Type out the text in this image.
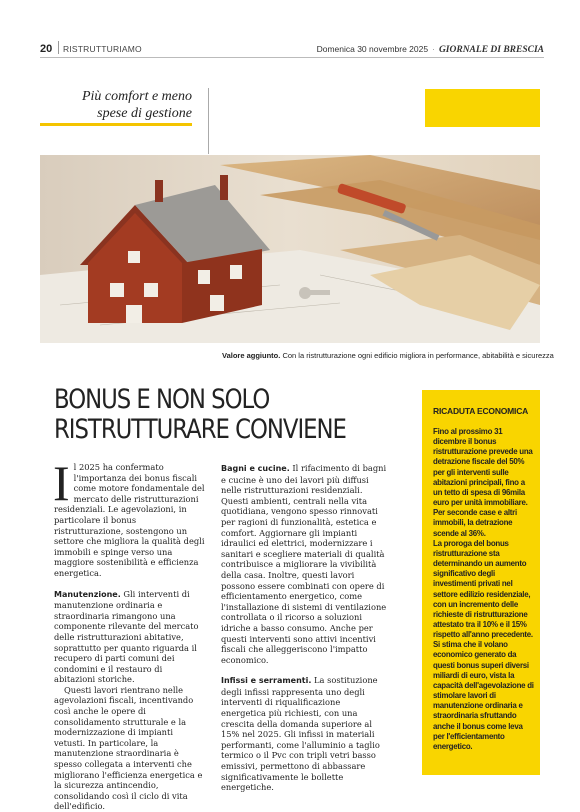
20 RISTRUTTURIAMO	Domenica 30 novembre 2025 · GIORNALE DI BRESCIA
Più comfort e meno
spese di gestione
Valore aggiunto. Con la ristrutturazione ogni edificio migliora in performance, abitabilità e sicurezza
BONUS E NON SOLO
RISTRUTTURARE CONVIENE

Il 2025 ha confermato l'importanza dei bonus fiscali come motore fondamentale del mercato delle ristrutturazioni residenziali. Le agevolazioni, in particolare il bonus ristrutturazione, sostengono un settore che migliora la qualità degli immobili e spinge verso una maggiore sostenibilità e efficienza energetica.

Manutenzione. Gli interventi di manutenzione ordinaria e straordinaria rimangono una componente rilevante del mercato delle ristrutturazioni abitative, soprattutto per quanto riguarda il recupero di parti comuni dei condomini e il restauro di abitazioni storiche.

Questi lavori rientrano nelle agevolazioni fiscali, incentivando così anche le opere di consolidamento strutturale e la modernizzazione di impianti vetusti. In particolare, la manutenzione straordinaria è spesso collegata a interventi che migliorano l'efficienza energetica e la sicurezza antincendio, consolidando così il ciclo di vita dell'edificio.

Bagni e cucine. Il rifacimento di bagni e cucine è uno dei lavori più diffusi nelle ristrutturazioni residenziali. Questi ambienti, centrali nella vita quotidiana, vengono spesso rinnovati per ragioni di funzionalità, estetica e comfort. Aggiornare gli impianti idraulici ed elettrici, modernizzare i sanitari e scegliere materiali di qualità contribuisce a migliorare la vivibilità della casa. Inoltre, questi lavori possono essere combinati con opere di efficientamento energetico, come l'installazione di sistemi di ventilazione controllata o il ricorso a soluzioni idriche a basso consumo. Anche per questi interventi sono attivi incentivi fiscali che alleggeriscono l'impatto economico.

Infissi e serramenti. La sostituzione degli infissi rappresenta uno degli interventi di riqualificazione energetica più richiesti, con una crescita della domanda superiore al 15% nel 2025. Gli infissi in materiali performanti, come l'alluminio a taglio termico o il Pvc con tripli vetri basso emissivi, permettono di abbassare significativamente le bollette energetiche.

RICADUTA ECONOMICA
Fino al prossimo 31 dicembre il bonus ristrutturazione prevede una detrazione fiscale del 50% per gli interventi sulle abitazioni principali, fino a un tetto di spesa di 96mila euro per unità immobiliare.
Per seconde case e altri immobili, la detrazione scende al 36%.
La proroga del bonus ristrutturazione sta determinando un aumento significativo degli investimenti privati nel settore edilizio residenziale, con un incremento delle richieste di ristrutturazione attestato tra il 10% e il 15% rispetto all'anno precedente.
Si stima che il volano economico generato da questi bonus superi diversi miliardi di euro, vista la capacità dell'agevolazione di stimolare lavori di manutenzione ordinaria e straordinaria sfruttando anche il bonus come leva per l'efficientamento energetico.
